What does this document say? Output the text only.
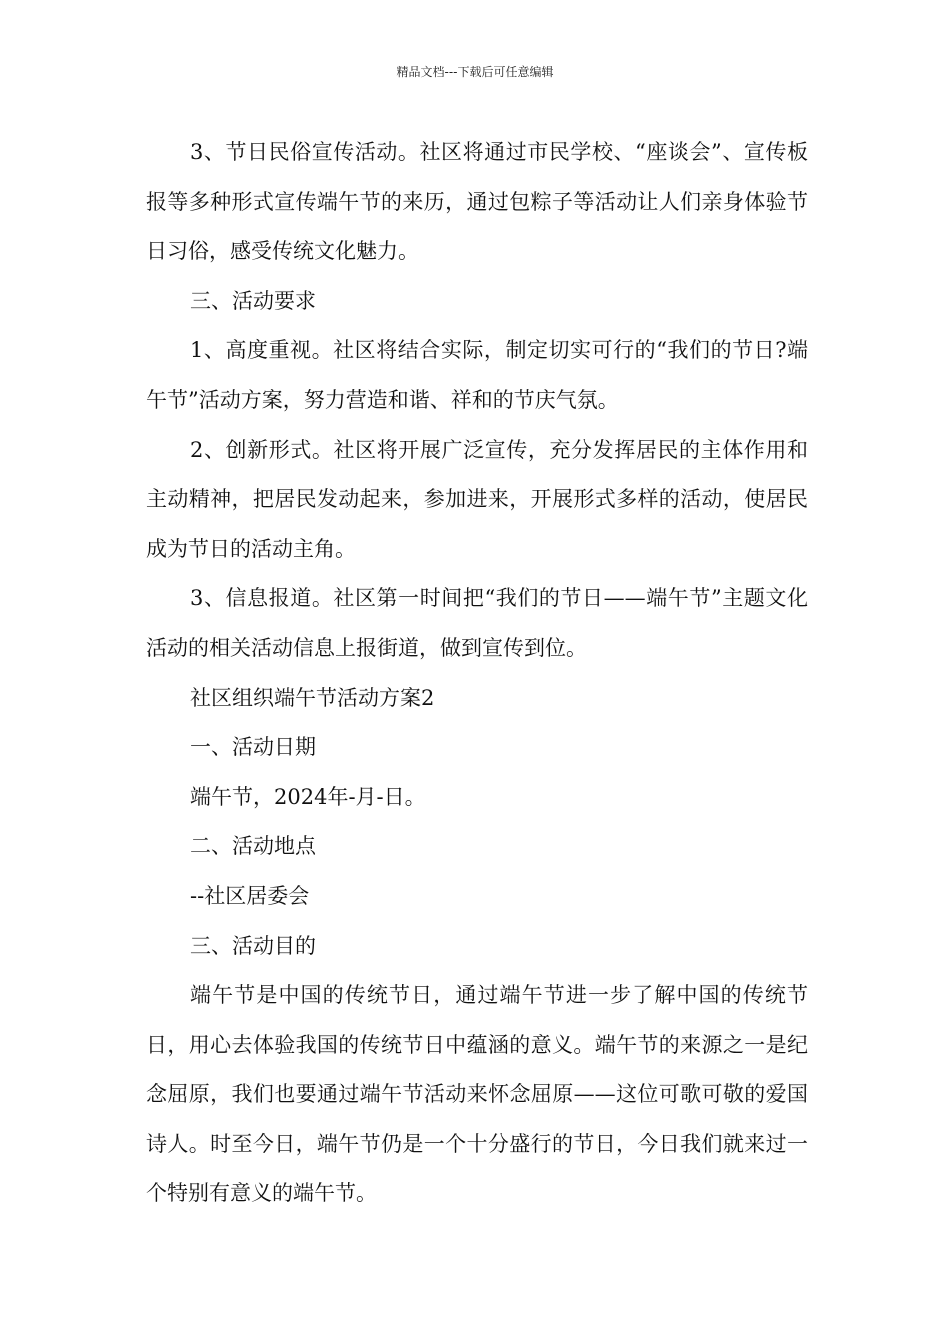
精品文档---下载后可任意编辑

3、节日民俗宣传活动。社区将通过市民学校、“座谈会”、宣传板报等多种形式宣传端午节的来历，通过包粽子等活动让人们亲身体验节日习俗，感受传统文化魅力。

三、活动要求

1、高度重视。社区将结合实际，制定切实可行的“我们的节日?端午节”活动方案，努力营造和谐、祥和的节庆气氛。

2、创新形式。社区将开展广泛宣传，充分发挥居民的主体作用和主动精神，把居民发动起来，参加进来，开展形式多样的活动，使居民成为节日的活动主角。

3、信息报道。社区第一时间把“我们的节日——端午节”主题文化活动的相关活动信息上报街道，做到宣传到位。

社区组织端午节活动方案2

一、活动日期

端午节，2024年-月-日。

二、活动地点

--社区居委会

三、活动目的

端午节是中国的传统节日，通过端午节进一步了解中国的传统节日，用心去体验我国的传统节日中蕴涵的意义。端午节的来源之一是纪念屈原，我们也要通过端午节活动来怀念屈原——这位可歌可敬的爱国诗人。时至今日，端午节仍是一个十分盛行的节日，今日我们就来过一个特别有意义的端午节。
